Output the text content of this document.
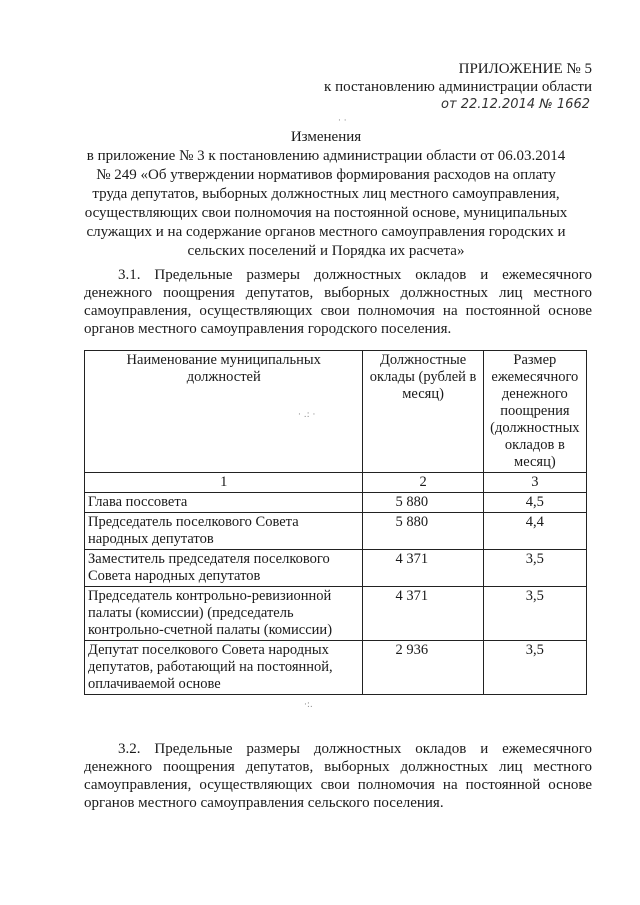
ПРИЛОЖЕНИЕ № 5
к постановлению администрации области
от 22.12.2014 № 1662
Изменения
в приложение № 3 к постановлению администрации области от 06.03.2014
№ 249 «Об утверждении нормативов формирования расходов на оплату
труда депутатов, выборных должностных лиц местного самоуправления,
осуществляющих свои полномочия на постоянной основе, муниципальных
служащих и на содержание органов местного самоуправления городских и
сельских поселений и Порядка их расчета»
3.1. Предельные размеры должностных окладов и ежемесячного денежного поощрения депутатов, выборных должностных лиц местного самоуправления, осуществляющих свои полномочия на постоянной основе органов местного самоуправления городского поселения.
Наименование муниципальных должностей	Должностные оклады (рублей в месяц)	Размер ежемесячного денежного поощрения (должностных окладов в месяц)
1	2	3
Глава поссовета	5 880	4,5
Председатель поселкового Совета народных депутатов	5 880	4,4
Заместитель председателя поселкового Совета народных депутатов	4 371	3,5
Председатель контрольно-ревизионной палаты (комиссии) (председатель контрольно-счетной палаты (комиссии)	4 371	3,5
Депутат поселкового Совета народных депутатов, работающий на постоянной, оплачиваемой основе	2 936	3,5
3.2. Предельные размеры должностных окладов и ежемесячного денежного поощрения депутатов, выборных должностных лиц местного самоуправления, осуществляющих свои полномочия на постоянной основе органов местного самоуправления сельского поселения.
· .: ·
·:.
· ·
